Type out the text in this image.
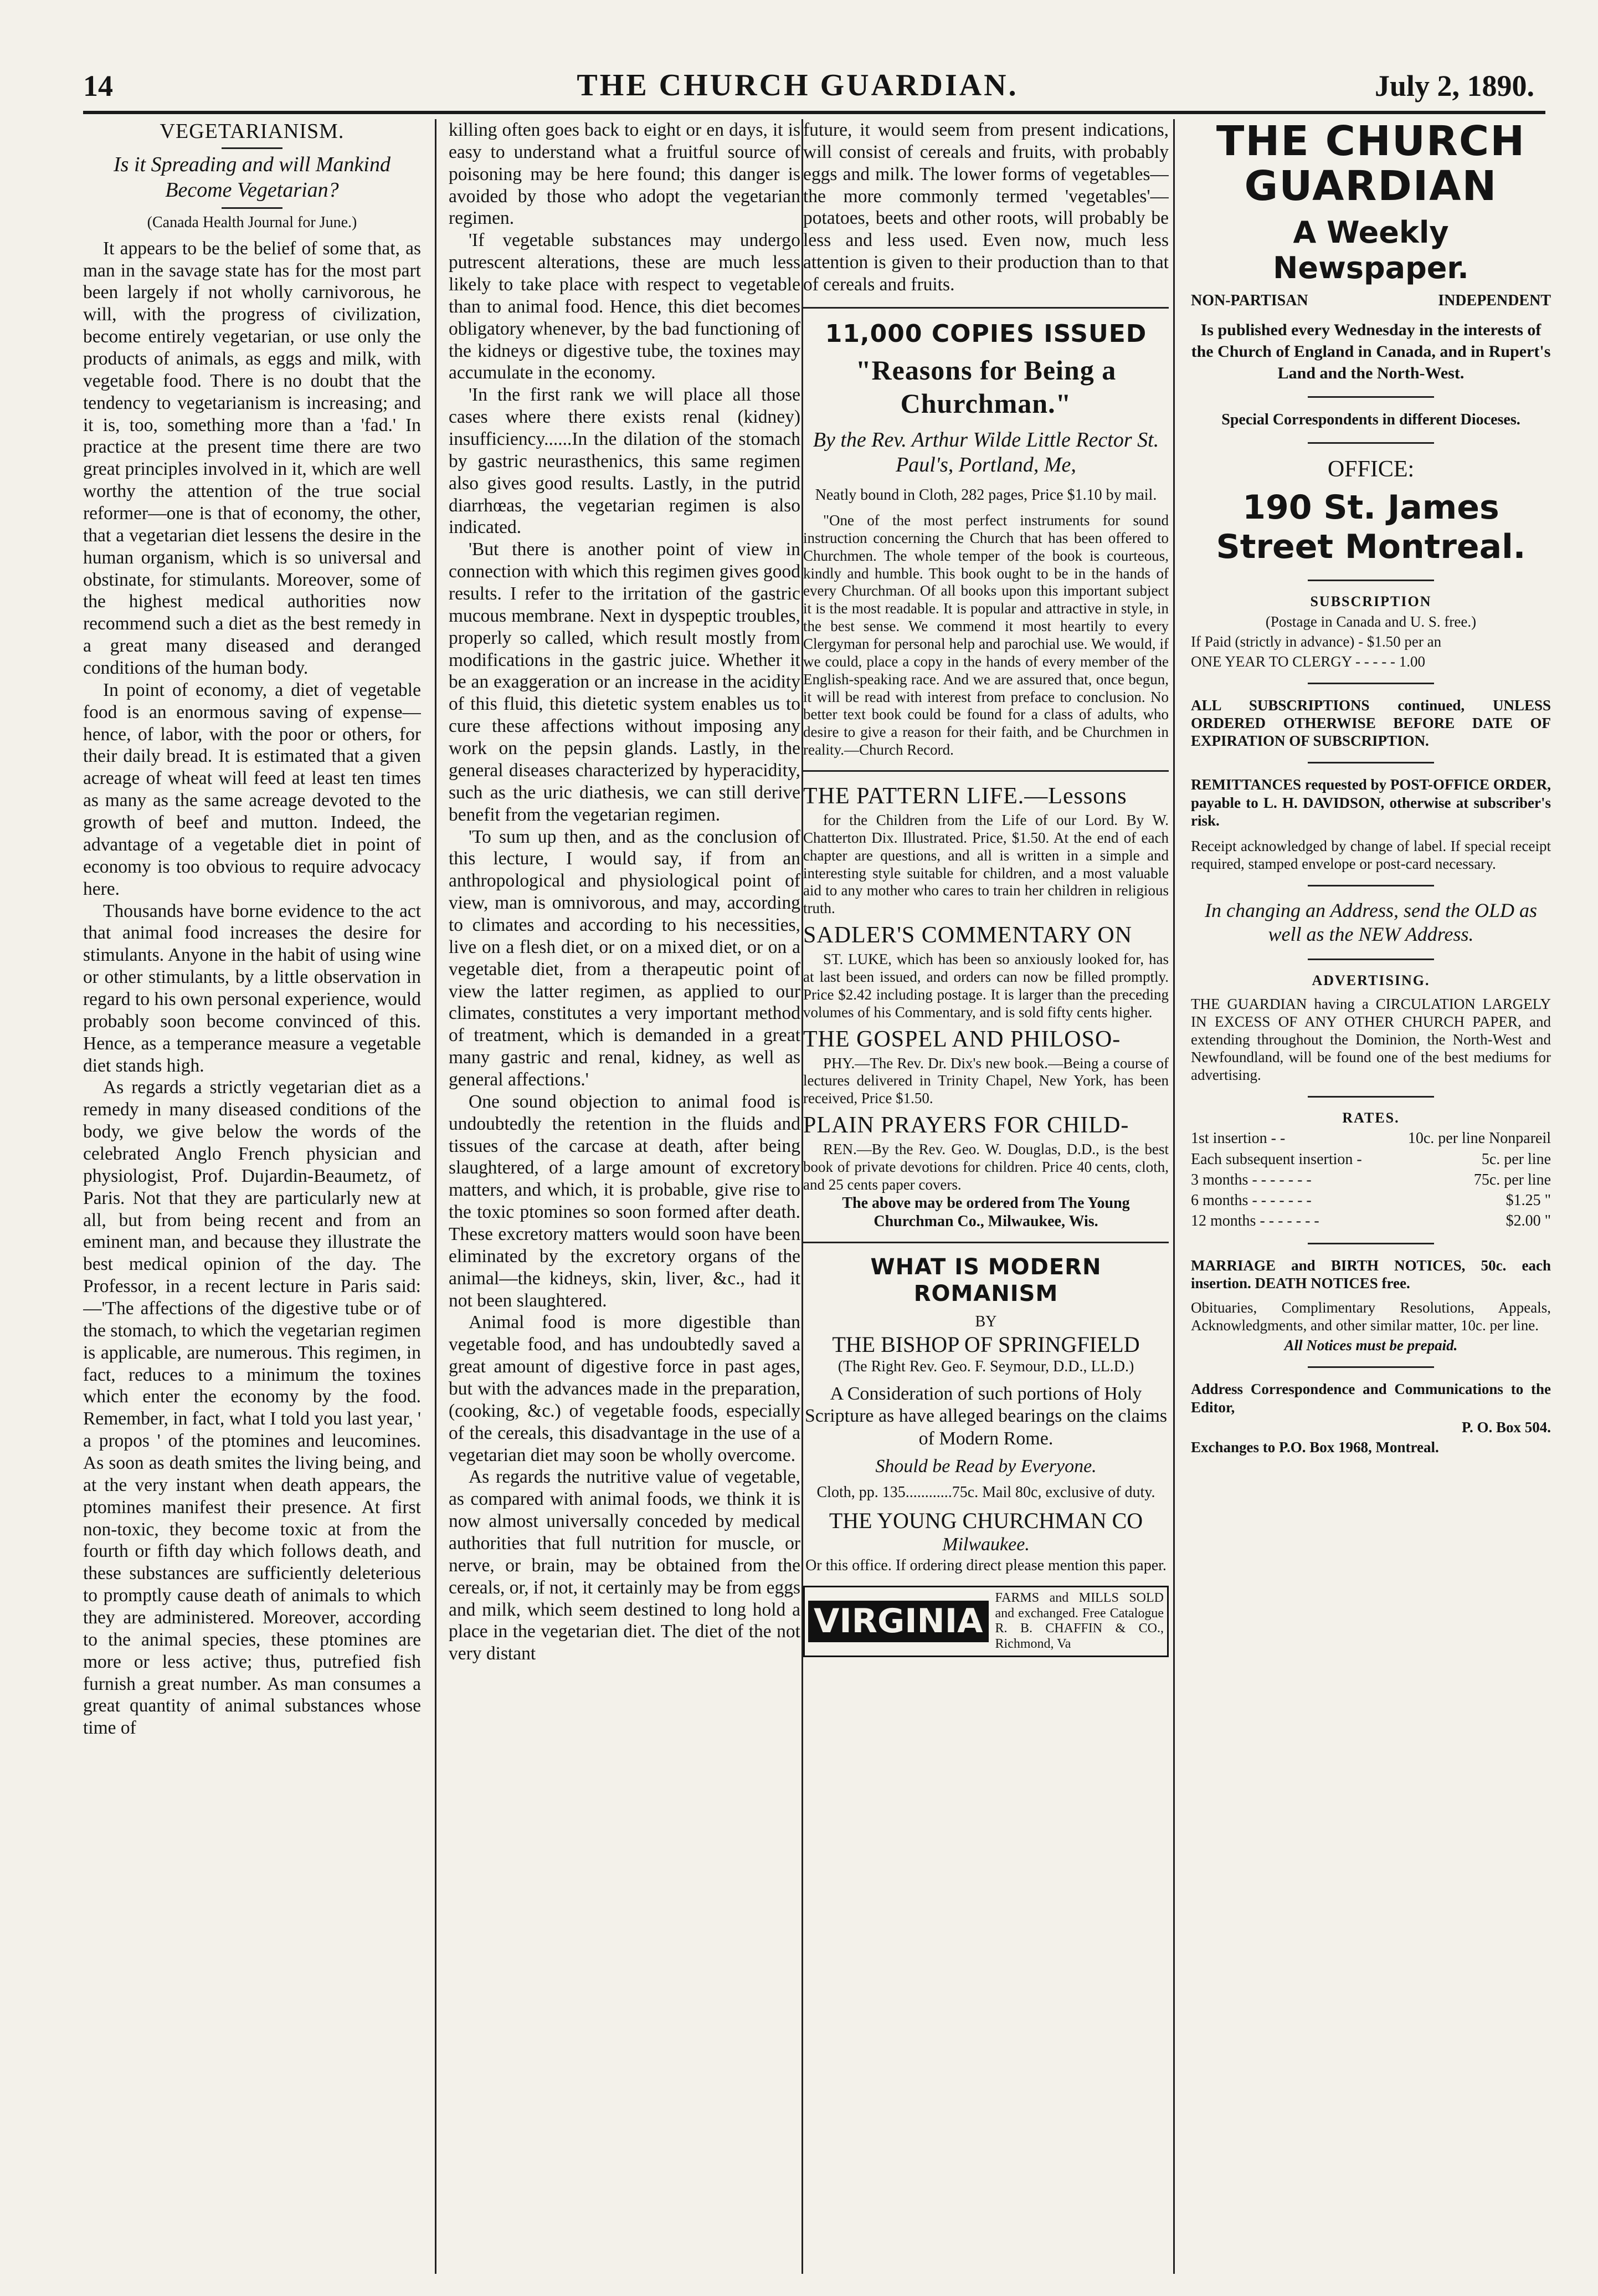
14	THE CHURCH GUARDIAN.	July 2, 1890.
VEGETARIANISM.
Is it Spreading and will Mankind Become Vegetarian?
(Canada Health Journal for June.)

It appears to be the belief of some that, as man in the savage state has for the most part been largely if not wholly carnivorous, he will, with the progress of civilization, become entirely vegetarian, or use only the products of animals, as eggs and milk, with vegetable food. There is no doubt that the tendency to vegetarianism is increasing; and it is, too, something more than a 'fad.' In practice at the present time there are two great principles involved in it, which are well worthy the attention of the true social reformer—one is that of economy, the other, that a vegetarian diet lessens the desire in the human organism, which is so universal and obstinate, for stimulants. Moreover, some of the highest medical authorities now recommend such a diet as the best remedy in a great many diseased and deranged conditions of the human body.

In point of economy, a diet of vegetable food is an enormous saving of expense—hence, of labor, with the poor or others, for their daily bread. It is estimated that a given acreage of wheat will feed at least ten times as many as the same acreage devoted to the growth of beef and mutton. Indeed, the advantage of a vegetable diet in point of economy is too obvious to require advocacy here.

Thousands have borne evidence to the act that animal food increases the desire for stimulants. Anyone in the habit of using wine or other stimulants, by a little observation in regard to his own personal experience, would probably soon become convinced of this. Hence, as a temperance measure a vegetable diet stands high.

As regards a strictly vegetarian diet as a remedy in many diseased conditions of the body, we give below the words of the celebrated Anglo French physician and physiologist, Prof. Dujardin-Beaumetz, of Paris. Not that they are particularly new at all, but from being recent and from an eminent man, and because they illustrate the best medical opinion of the day. The Professor, in a recent lecture in Paris said:—'The affections of the digestive tube or of the stomach, to which the vegetarian regimen is applicable, are numerous. This regimen, in fact, reduces to a minimum the toxines which enter the economy by the food. Remember, in fact, what I told you last year, ' a propos ' of the ptomines and leucomines. As soon as death smites the living being, and at the very instant when death appears, the ptomines manifest their presence. At first non-toxic, they become toxic at from the fourth or fifth day which follows death, and these substances are sufficiently deleterious to promptly cause death of animals to which they are administered. Moreover, according to the animal species, these ptomines are more or less active; thus, putrefied fish furnish a great number. As man consumes a great quantity of animal substances whose time of

killing often goes back to eight or en days, it is easy to understand what a fruitful source of poisoning may be here found; this danger is avoided by those who adopt the vegetarian regimen.

'If vegetable substances may undergo putrescent alterations, these are much less likely to take place with respect to vegetable than to animal food. Hence, this diet becomes obligatory whenever, by the bad functioning of the kidneys or digestive tube, the toxines may accumulate in the economy.

'In the first rank we will place all those cases where there exists renal (kidney) insufficiency......In the dilation of the stomach by gastric neurasthenics, this same regimen also gives good results. Lastly, in the putrid diarrhœas, the vegetarian regimen is also indicated.

'But there is another point of view in connection with which this regimen gives good results. I refer to the irritation of the gastric mucous membrane. Next in dyspeptic troubles, properly so called, which result mostly from modifications in the gastric juice. Whether it be an exaggeration or an increase in the acidity of this fluid, this dietetic system enables us to cure these affections without imposing any work on the pepsin glands. Lastly, in the general diseases characterized by hyperacidity, such as the uric diathesis, we can still derive benefit from the vegetarian regimen.

'To sum up then, and as the conclusion of this lecture, I would say, if from an anthropological and physiological point of view, man is omnivorous, and may, according to climates and according to his necessities, live on a flesh diet, or on a mixed diet, or on a vegetable diet, from a therapeutic point of view the latter regimen, as applied to our climates, constitutes a very important method of treatment, which is demanded in a great many gastric and renal, kidney, as well as general affections.'

One sound objection to animal food is undoubtedly the retention in the fluids and tissues of the carcase at death, after being slaughtered, of a large amount of excretory matters, and which, it is probable, give rise to the toxic ptomines so soon formed after death. These excretory matters would soon have been eliminated by the excretory organs of the animal—the kidneys, skin, liver, &c., had it not been slaughtered.

Animal food is more digestible than vegetable food, and has undoubtedly saved a great amount of digestive force in past ages, but with the advances made in the preparation, (cooking, &c.) of vegetable foods, especially of the cereals, this disadvantage in the use of a vegetarian diet may soon be wholly overcome.

As regards the nutritive value of vegetable, as compared with animal foods, we think it is now almost universally conceded by medical authorities that full nutrition for muscle, or nerve, or brain, may be obtained from the cereals, or, if not, it certainly may be from eggs and milk, which seem destined to long hold a place in the vegetarian diet. The diet of the not very distant

future, it would seem from present indications, will consist of cereals and fruits, with probably eggs and milk. The lower forms of vegetables—the more commonly termed 'vegetables'—potatoes, beets and other roots, will probably be less and less used. Even now, much less attention is given to their production than to that of cereals and fruits.

11,000 COPIES ISSUED
"Reasons for Being a Churchman."
By the Rev. Arthur Wilde Little Rector St. Paul's, Portland, Me,
Neatly bound in Cloth, 282 pages, Price $1.10 by mail.

"One of the most perfect instruments for sound instruction concerning the Church that has been offered to Churchmen. The whole temper of the book is courteous, kindly and humble. This book ought to be in the hands of every Churchman. Of all books upon this important subject it is the most readable. It is popular and attractive in style, in the best sense. We commend it most heartily to every Clergyman for personal help and parochial use. We would, if we could, place a copy in the hands of every member of the English-speaking race. And we are assured that, once begun, it will be read with interest from preface to conclusion. No better text book could be found for a class of adults, who desire to give a reason for their faith, and be Churchmen in reality.—Church Record.

THE PATTERN LIFE.—Lessons

for the Children from the Life of our Lord. By W. Chatterton Dix. Illustrated. Price, $1.50. At the end of each chapter are questions, and all is written in a simple and interesting style suitable for children, and a most valuable aid to any mother who cares to train her children in religious truth.

SADLER'S COMMENTARY ON

ST. LUKE, which has been so anxiously looked for, has at last been issued, and orders can now be filled promptly. Price $2.42 including postage. It is larger than the preceding volumes of his Commentary, and is sold fifty cents higher.

THE GOSPEL AND PHILOSO-

PHY.—The Rev. Dr. Dix's new book.—Being a course of lectures delivered in Trinity Chapel, New York, has been received, Price $1.50.

PLAIN PRAYERS FOR CHILD-

REN.—By the Rev. Geo. W. Douglas, D.D., is the best book of private devotions for children. Price 40 cents, cloth, and 25 cents paper covers.

The above may be ordered from The Young Churchman Co., Milwaukee, Wis.
WHAT IS MODERN ROMANISM
BY
THE BISHOP OF SPRINGFIELD
(The Right Rev. Geo. F. Seymour, D.D., LL.D.)
A Consideration of such portions of Holy Scripture as have alleged bearings on the claims of Modern Rome.
Should be Read by Everyone.
Cloth, pp. 135............75c. Mail 80c, exclusive of duty.
THE YOUNG CHURCHMAN CO
Milwaukee.
Or this office. If ordering direct please mention this paper.
VIRGINIA
FARMS and MILLS SOLD and exchanged. Free Catalogue R. B. CHAFFIN & CO., Richmond, Va
THE CHURCH GUARDIAN
A Weekly Newspaper.
NON-PARTISAN	INDEPENDENT
Is published every Wednesday in the interests of the Church of England in Canada, and in Rupert's Land and the North-West.
Special Correspondents in different Dioceses.
OFFICE:
190 St. James Street Montreal.
SUBSCRIPTION
(Postage in Canada and U. S. free.)
If Paid (strictly in advance) - $1.50 per an
ONE YEAR TO CLERGY - - - - - 1.00
ALL SUBSCRIPTIONS continued, UNLESS ORDERED OTHERWISE BEFORE DATE OF EXPIRATION OF SUBSCRIPTION.
REMITTANCES requested by POST-OFFICE ORDER, payable to L. H. DAVIDSON, otherwise at subscriber's risk.
Receipt acknowledged by change of label. If special receipt required, stamped envelope or post-card necessary.
In changing an Address, send the OLD as well as the NEW Address.
ADVERTISING.
THE GUARDIAN having a CIRCULATION LARGELY IN EXCESS OF ANY OTHER CHURCH PAPER, and extending throughout the Dominion, the North-West and Newfoundland, will be found one of the best mediums for advertising.
RATES.
1st insertion - -	10c. per line Nonpareil
Each subsequent insertion -	5c. per line
3 months - - - - - - -	75c. per line
6 months - - - - - - -	$1.25 "
12 months - - - - - - -	$2.00 "
MARRIAGE and BIRTH NOTICES, 50c. each insertion. DEATH NOTICES free.
Obituaries, Complimentary Resolutions, Appeals, Acknowledgments, and other similar matter, 10c. per line.
All Notices must be prepaid.
Address Correspondence and Communications to the Editor,
P. O. Box 504.
Exchanges to P.O. Box 1968, Montreal.
